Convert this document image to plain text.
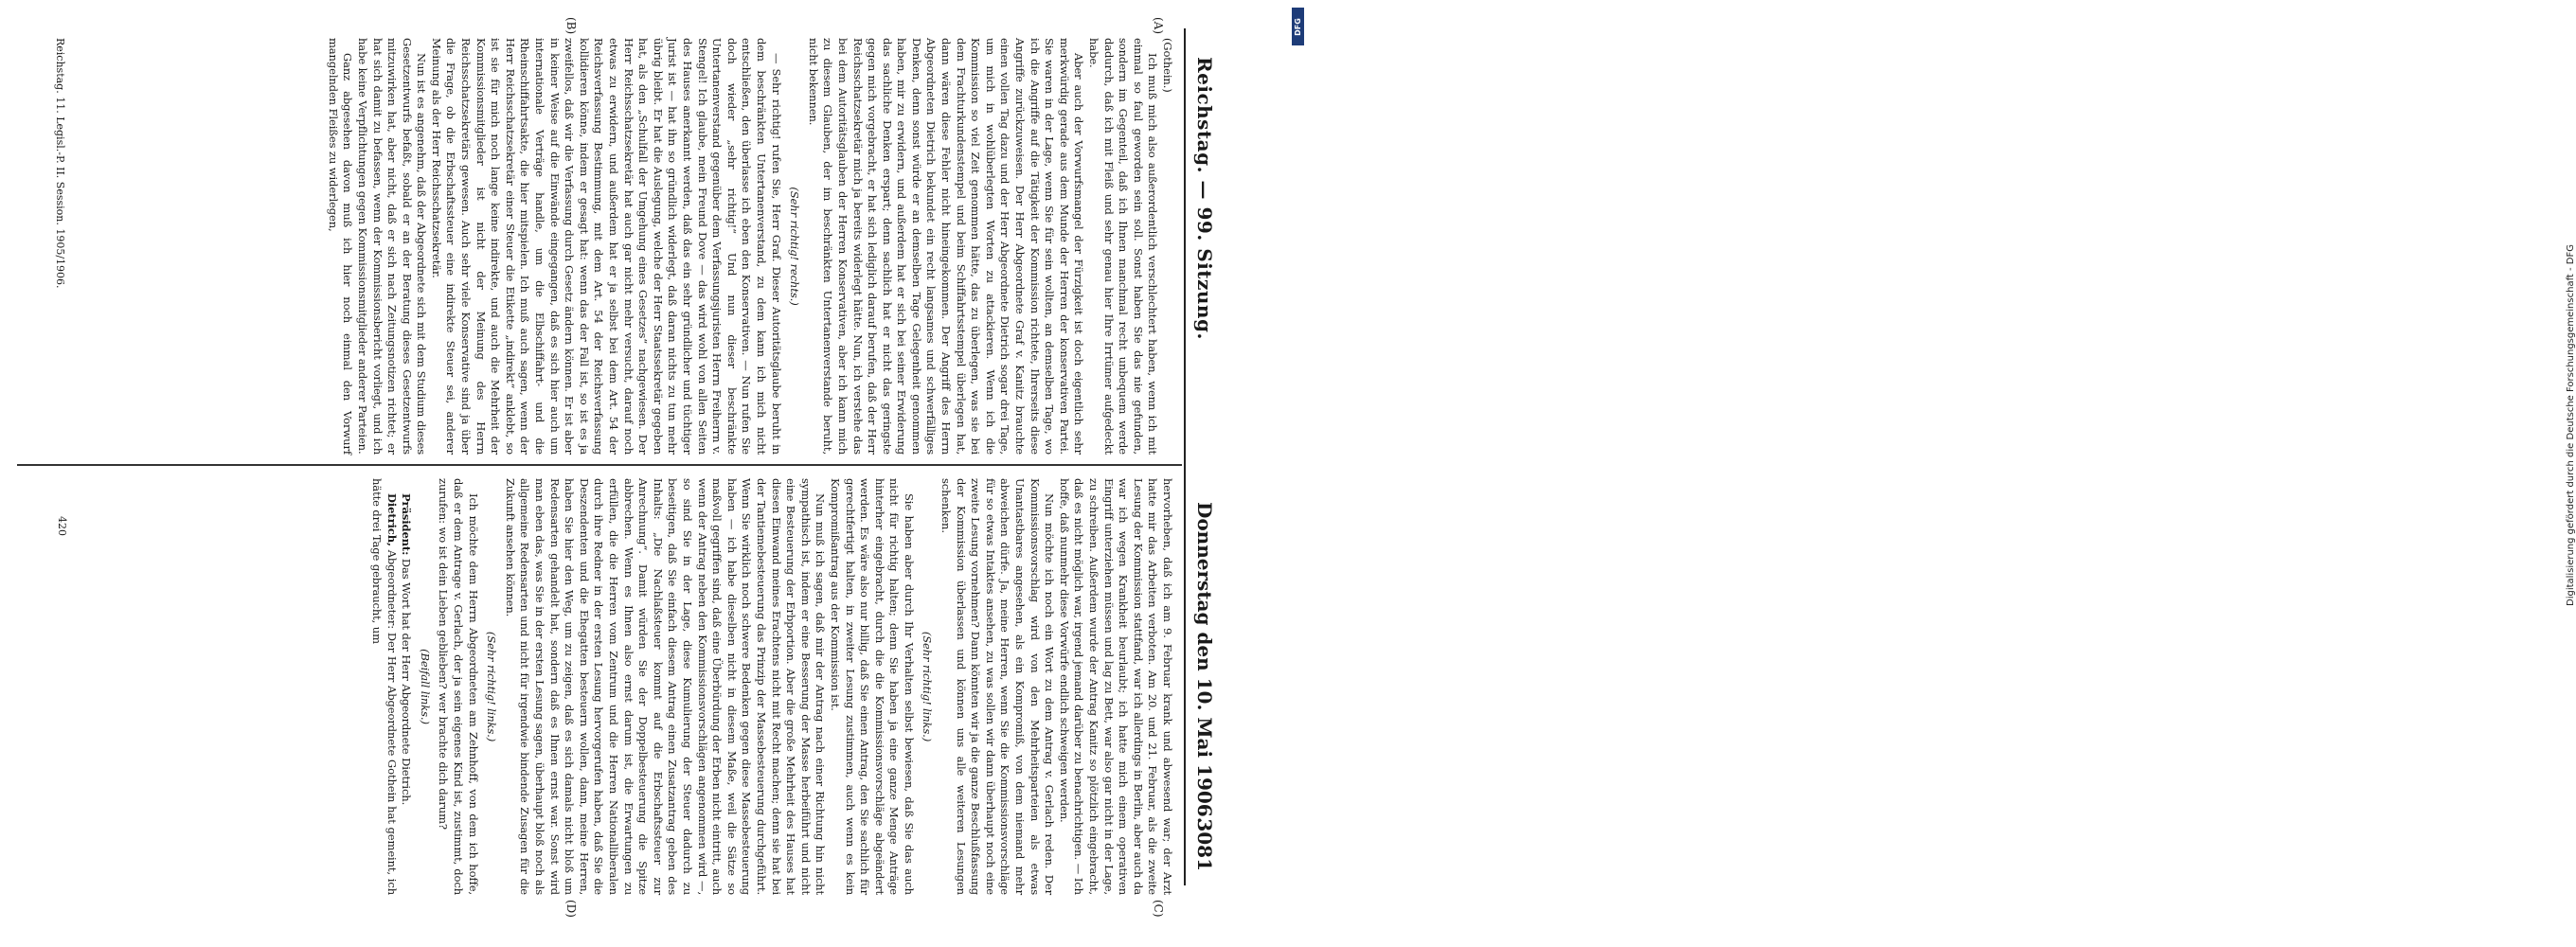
Reichstag. — 99. Sitzung.
Donnerstag den 10. Mai 1906.
3081
(A)
(B)
(C)
(D)

(Gothein.)

Ich muß mich also außerordentlich verschlechtert haben, wenn ich mit einmal so faul geworden sein soll. Sonst haben Sie das nie gefunden, sondern im Gegenteil, daß ich Ihnen manchmal recht unbequem werde dadurch, daß ich mit Fleiß und sehr genau hier Ihre Irrtümer aufgedeckt habe.

Aber auch der Vorwurfsmangel der Fürzigkeit ist doch eigentlich sehr merkwürdig gerade aus dem Munde der Herren der konservativen Partei. Sie waren in der Lage, wenn Sie für sein wollten, an demselben Tage, wo ich die Angriffe auf die Tätigkeit der Kommission richtete, Ihrerseits diese Angriffe zurückzuweisen. Der Herr Abgeordnete Graf v. Kanitz brauchte einen vollen Tag dazu und der Herr Abgeordnete Dietrich sogar drei Tage, um mich in wohlüberlegten Worten zu attackieren. Wenn ich die Kommission so viel Zeit genommen hätte, das zu überlegen, was sie bei dem Frachturkundenstempel und beim Schiffahrtsstempel überlegen hat, dann wären diese Fehler nicht hineingekommen. Der Angriff des Herrn Abgeordneten Dietrich bekundet ein recht langsames und schwerfälliges Denken, denn sonst würde er an demselben Tage Gelegenheit genommen haben, mir zu erwidern, und außerdem hat er sich bei seiner Erwiderung das sachliche Denken erspart; denn sachlich hat er nicht das geringste gegen mich vorgebracht, er hat sich lediglich darauf berufen, daß der Herr Reichsschatzsekretär mich ja bereits widerlegt hätte. Nun, ich verstehe das bei dem Autoritätsglauben der Herren Konservativen, aber ich kann mich zu diesem Glauben, der im beschränkten Untertanenverstande beruht, nicht bekennen.

(Sehr richtig! rechts.)

— Sehr richtig! rufen Sie, Herr Graf. Dieser Autoritätsglaube beruht in dem beschränkten Untertanenverstand, zu dem kann ich mich nicht entschließen, den überlasse ich eben den Konservativen. — Nun rufen Sie doch wieder „sehr richtig!“ Und nun dieser beschränkte Untertanenverstand gegenüber dem Verfassungsjuristen Herrn Freiherrn v. Stengel! Ich glaube, mein Freund Dove — das wird wohl von allen Seiten des Hauses anerkannt werden, daß das ein sehr gründlicher und tüchtiger Jurist ist — hat ihn so gründlich widerlegt, daß daran nichts zu tun mehr übrig bleibt. Er hat die Auslegung, welche der Herr Staatssekretär gegeben hat, als den „Schulfall der Umgehung eines Gesetzes“ nachgewiesen. Der Herr Reichsschatzsekretär hat auch gar nicht mehr versucht, darauf noch etwas zu erwidern, und außerdem hat er ja selbst bei dem Art. 54 der Reichsverfassung Bestimmung, mit dem Art. 54 der Reichsverfassung kollidieren könne, indem er gesagt hat: wenn das der Fall ist, so ist es ja zweifellos, daß wir die Verfassung durch Gesetz ändern können. Er ist aber in keiner Weise auf die Einwände eingegangen, daß es sich hier auch um internationale Verträge handle, um die Elbschiffahrt- und die Rheinschiffahrtsakte, die hier mitspielen. Ich muß auch sagen, wenn der Herr Reichsschatzsekretär einer Steuer die Etikette „indirekt“ anklebt, so ist sie für mich noch lange keine indirekte, und auch die Mehrheit der Kommissionsmitglieder ist nicht der Meinung des Herrn Reichsschatzsekretärs gewesen. Auch sehr viele Konservative sind ja über die Frage, ob die Erbschaftssteuer eine indirekte Steuer sei, anderer Meinung als der Herr Reichsschatzsekretär.

Nun ist es angenehm, daß der Abgeordnete sich mit dem Studium dieses Gesetzentwurfs befaßt, sobald er an der Beratung dieses Gesetzentwurfs mitzuwirken hat, aber nicht, daß er sich nach Zeitungsnotizen richtet; er hat sich damit zu befassen, wenn der Kommissionsbericht vorliegt, und ich habe keine Verpflichtungen gegen Kommissionsmitglieder anderer Parteien.

Ganz abgesehen davon muß ich hier noch einmal den Vorwurf mangelnden Fleißes zu widerlegen,

hervorheben, daß ich am 9. Februar krank und abwesend war; der Arzt hatte mir das Arbeiten verboten. Am 20. und 21. Februar, als die zweite Lesung der Kommission stattfand, war ich allerdings in Berlin, aber auch da war ich wegen Krankheit beurlaubt; ich hatte mich einem operativen Eingriff unterziehen müssen und lag zu Bett, war also gar nicht in der Lage, zu schreiben. Außerdem wurde der Antrag Kanitz so plötzlich eingebracht, daß es nicht möglich war, irgend jemand darüber zu benachrichtigen. — Ich hoffe, daß nunmehr diese Vorwürfe endlich schweigen werden.

Nun möchte ich noch ein Wort zu dem Antrag v. Gerlach reden. Der Kommissionsvorschlag wird von den Mehrheitsparteien als etwas Unantastbares angesehen, als ein Kompromiß, von dem niemand mehr abweichen dürfe. Ja, meine Herren, wenn Sie die Kommissionsvorschläge für so etwas Intaktes ansehen, zu was sollen wir dann überhaupt noch eine zweite Lesung vornehmen? Dann könnten wir ja die ganze Beschlußfassung der Kommission überlassen und können uns alle weiteren Lesungen schenken.

(Sehr richtig! links.)

Sie haben aber durch Ihr Verhalten selbst bewiesen, daß Sie das auch nicht für richtig halten; denn Sie haben ja eine ganze Menge Anträge hinterher eingebracht, durch die die Kommissionsvorschläge abgeändert werden. Es wäre also nur billig, daß Sie einen Antrag, den Sie sachlich für gerechtfertigt halten, in zweiter Lesung zustimmen, auch wenn es kein Kompromißantrag aus der Kommission ist.

Nun muß ich sagen, daß mir der Antrag nach einer Richtung hin nicht sympathisch ist, indem er eine Besserung der Masse herbeiführt und nicht eine Besteuerung der Erbportion. Aber die große Mehrheit des Hauses hat diesen Einwand meines Erachtens nicht mit Recht machen; denn sie hat bei der Tantiemebesteuerung das Prinzip der Massebesteuerung durchgeführt. Wenn Sie wirklich noch schwere Bedenken gegen diese Massebesteuerung haben — ich habe dieselben nicht in diesem Maße, weil die Sätze so maßvoll gegriffen sind, daß eine Überbürdung der Erben nicht eintritt, auch wenn der Antrag neben den Kommissionsvorschlägen angenommen wird —, so sind Sie in der Lage, diese Kumulierung der Steuer dadurch zu beseitigen, daß Sie einfach diesem Antrag einen Zusatzantrag geben des Inhalts: „Die Nachlaßsteuer kommt auf die Erbschaftssteuer zur Anrechnung“. Damit würden Sie der Doppelbesteuerung die Spitze abbrechen. Wenn es Ihnen also ernst darum ist, die Erwartungen zu erfüllen, die die Herren vom Zentrum und die Herren Nationalliberalen durch ihre Redner in der ersten Lesung hervorgerufen haben, daß Sie die Deszendenten und die Ehegatten besteuern wollen, dann, meine Herren, haben Sie hier den Weg, um zu zeigen, daß es sich damals nicht bloß um Redensarten gehandelt hat, sondern daß es Ihnen ernst war. Sonst wird man eben das, was Sie in der ersten Lesung sagen, überhaupt bloß noch als allgemeine Redensarten und nicht für irgendwie bindende Zusagen für die Zukunft ansehen können.

(Sehr richtig! links.)

Ich möchte dem Herrn Abgeordneten am Zehnhoff, von dem ich hoffe, daß er dem Antrage v. Gerlach, der ja sein eigenes Kind ist, zustimmt, doch zurufen: wo ist dein Lieben geblieben? wer brachte dich darum?

(Beifall links.)

Präsident: Das Wort hat der Herr Abgeordnete Dietrich.

Dietrich, Abgeordneter: Der Herr Abgeordnete Gothein hat gemeint, ich hätte drei Tage gebraucht, um

Reichstag. 11. Legisl.-P. II. Session. 1905/1906.
420	Digitalisierung gefördert durch die Deutsche Forschungsgemeinschaft - DFG
DFG
